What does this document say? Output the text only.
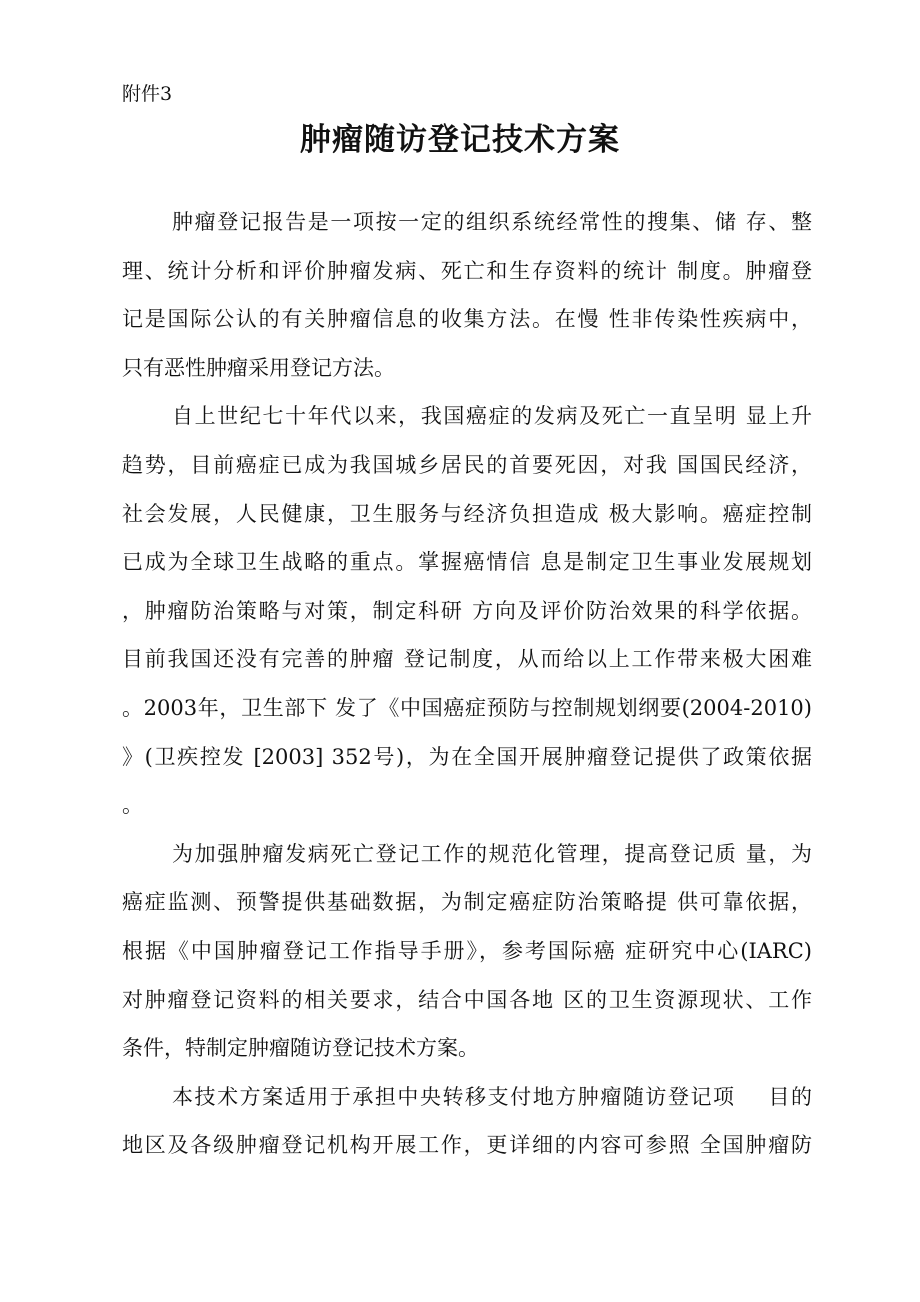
附件3
肿瘤随访登记技术方案
肿瘤登记报告是一项按一定的组织系统经常性的搜集、储 存、整
理、统计分析和评价肿瘤发病、死亡和生存资料的统计 制度。肿瘤登
记是国际公认的有关肿瘤信息的收集方法。在慢 性非传染性疾病中，
只有恶性肿瘤采用登记方法。
自上世纪七十年代以来，我国癌症的发病及死亡一直呈明 显上升
趋势，目前癌症已成为我国城乡居民的首要死因，对我 国国民经济，
社会发展，人民健康，卫生服务与经济负担造成 极大影响。癌症控制
已成为全球卫生战略的重点。掌握癌情信 息是制定卫生事业发展规划
，肿瘤防治策略与对策，制定科研 方向及评价防治效果的科学依据。
目前我国还没有完善的肿瘤 登记制度，从而给以上工作带来极大困难
。2003年，卫生部下 发了《中国癌症预防与控制规划纲要(2004-2010)
》(卫疾控发 [2003] 352号)，为在全国开展肿瘤登记提供了政策依据
。
为加强肿瘤发病死亡登记工作的规范化管理，提高登记质 量，为
癌症监测、预警提供基础数据，为制定癌症防治策略提 供可靠依据，
根据《中国肿瘤登记工作指导手册》，参考国际癌 症研究中心(IARC)
对肿瘤登记资料的相关要求，结合中国各地 区的卫生资源现状、工作
条件，特制定肿瘤随访登记技术方案。
本技术方案适用于承担中央转移支付地方肿瘤随访登记项    目的
地区及各级肿瘤登记机构开展工作，更详细的内容可参照 全国肿瘤防
